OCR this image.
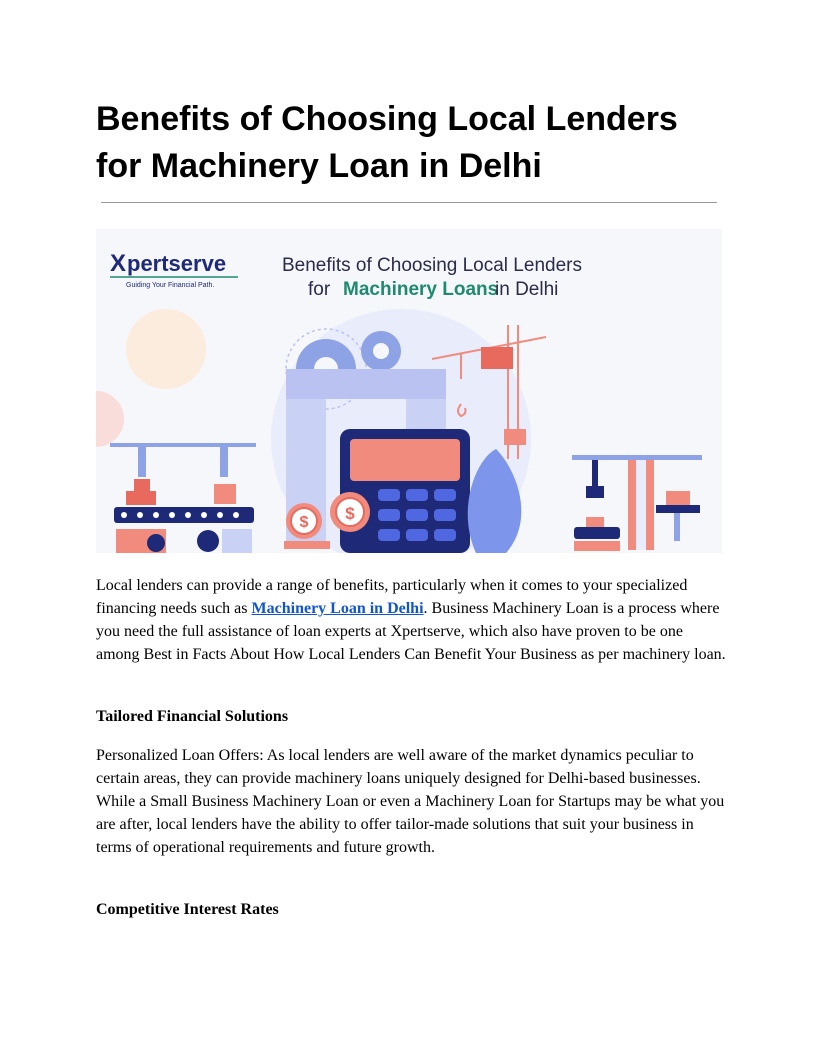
Benefits of Choosing Local Lenders
for Machinery Loan in Delhi
X pertserve
Guiding Your Financial Path.
Benefits of Choosing Local Lenders
for Machinery Loans
in Delhi
$ $

Local lenders can provide a range of benefits, particularly when it comes to your specialized financing needs such as Machinery Loan in Delhi. Business Machinery Loan is a process where you need the full assistance of loan experts at Xpertserve, which also have proven to be one among Best in Facts About How Local Lenders Can Benefit Your Business as per machinery loan.

Tailored Financial Solutions

Personalized Loan Offers: As local lenders are well aware of the market dynamics peculiar to certain areas, they can provide machinery loans uniquely designed for Delhi-based businesses. While a Small Business Machinery Loan or even a Machinery Loan for Startups may be what you are after, local lenders have the ability to offer tailor-made solutions that suit your business in terms of operational requirements and future growth.

Competitive Interest Rates
